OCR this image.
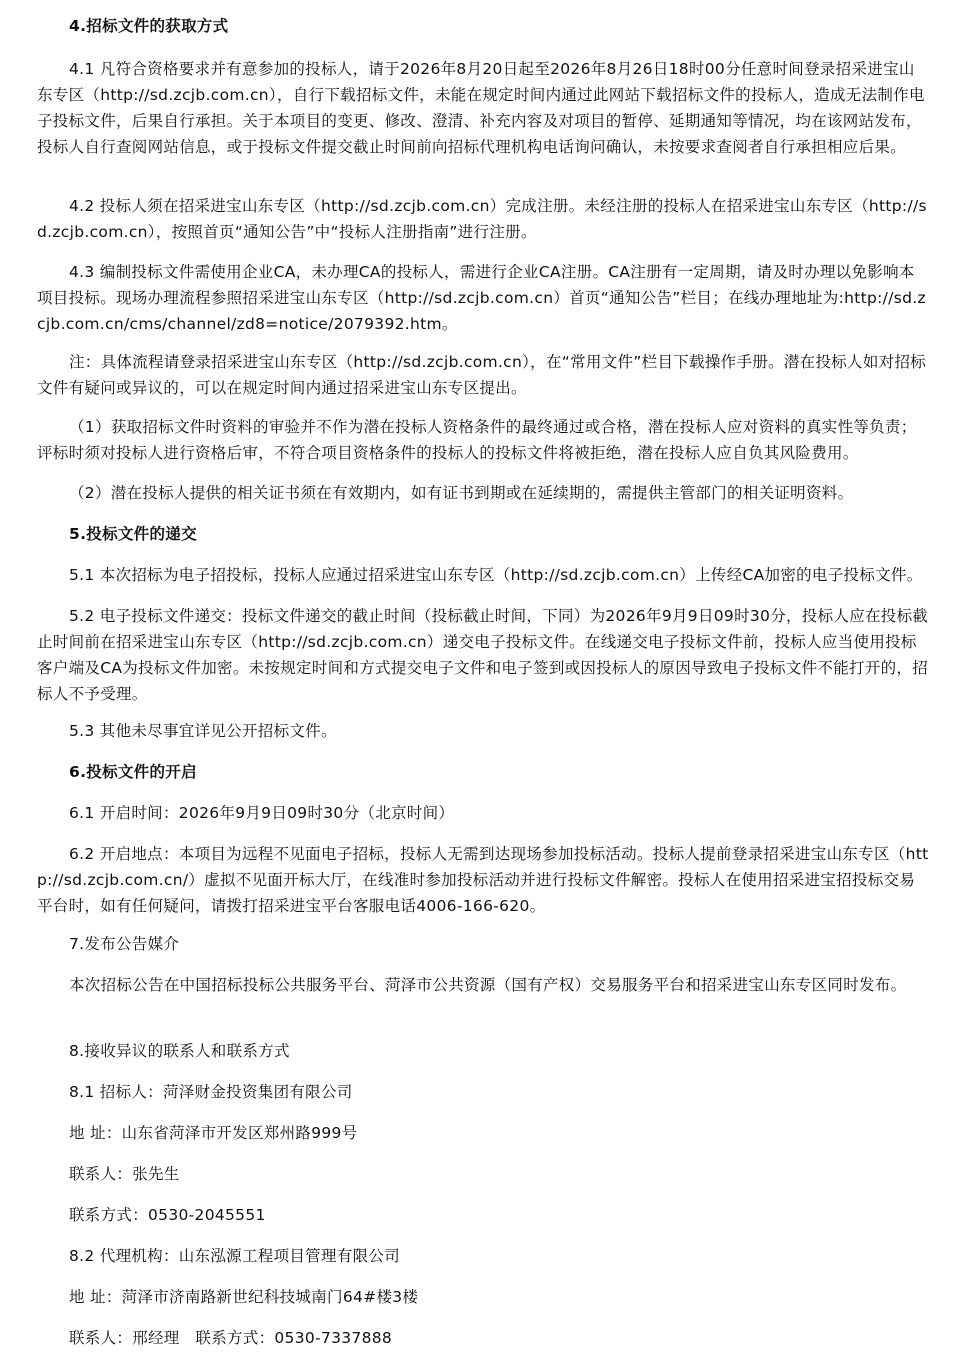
4.招标文件的获取方式

4.1 凡符合资格要求并有意参加的投标人，请于2026年8月20日起至2026年8月26日18时00分任意时间登录招采进宝山东专区（http://sd.zcjb.com.cn），自行下载招标文件，未能在规定时间内通过此网站下载招标文件的投标人，造成无法制作电子投标文件，后果自行承担。关于本项目的变更、修改、澄清、补充内容及对项目的暂停、延期通知等情况，均在该网站发布，投标人自行查阅网站信息，或于投标文件提交截止时间前向招标代理机构电话询问确认，未按要求查阅者自行承担相应后果。

4.2 投标人须在招采进宝山东专区（http://sd.zcjb.com.cn）完成注册。未经注册的投标人在招采进宝山东专区（http://sd.zcjb.com.cn），按照首页“通知公告”中“投标人注册指南”进行注册。

4.3 编制投标文件需使用企业CA，未办理CA的投标人，需进行企业CA注册。CA注册有一定周期，请及时办理以免影响本项目投标。现场办理流程参照招采进宝山东专区（http://sd.zcjb.com.cn）首页“通知公告”栏目；在线办理地址为:http://sd.zcjb.com.cn/cms/channel/zd8=notice/2079392.htm。

注：具体流程请登录招采进宝山东专区（http://sd.zcjb.com.cn），在“常用文件”栏目下载操作手册。潜在投标人如对招标文件有疑问或异议的，可以在规定时间内通过招采进宝山东专区提出。

（1）获取招标文件时资料的审验并不作为潜在投标人资格条件的最终通过或合格，潜在投标人应对资料的真实性等负责；评标时须对投标人进行资格后审，不符合项目资格条件的投标人的投标文件将被拒绝，潜在投标人应自负其风险费用。

（2）潜在投标人提供的相关证书须在有效期内，如有证书到期或在延续期的，需提供主管部门的相关证明资料。

5.投标文件的递交

5.1 本次招标为电子招投标，投标人应通过招采进宝山东专区（http://sd.zcjb.com.cn）上传经CA加密的电子投标文件。

5.2 电子投标文件递交：投标文件递交的截止时间（投标截止时间，下同）为2026年9月9日09时30分，投标人应在投标截止时间前在招采进宝山东专区（http://sd.zcjb.com.cn）递交电子投标文件。在线递交电子投标文件前，投标人应当使用投标客户端及CA为投标文件加密。未按规定时间和方式提交电子文件和电子签到或因投标人的原因导致电子投标文件不能打开的，招标人不予受理。

5.3 其他未尽事宜详见公开招标文件。

6.投标文件的开启

6.1 开启时间：2026年9月9日09时30分（北京时间）

6.2 开启地点：本项目为远程不见面电子招标，投标人无需到达现场参加投标活动。投标人提前登录招采进宝山东专区（http://sd.zcjb.com.cn/）虚拟不见面开标大厅，在线准时参加投标活动并进行投标文件解密。投标人在使用招采进宝招投标交易平台时，如有任何疑问，请拨打招采进宝平台客服电话4006-166-620。

7.发布公告媒介

本次招标公告在中国招标投标公共服务平台、菏泽市公共资源（国有产权）交易服务平台和招采进宝山东专区同时发布。

8.接收异议的联系人和联系方式

8.1 招标人：菏泽财金投资集团有限公司

地 址：山东省菏泽市开发区郑州路999号

联系人：张先生

联系方式：0530-2045551

8.2 代理机构：山东泓源工程项目管理有限公司

地 址：菏泽市济南路新世纪科技城南门64#楼3楼

联系人：邢经理　联系方式：0530-7337888
